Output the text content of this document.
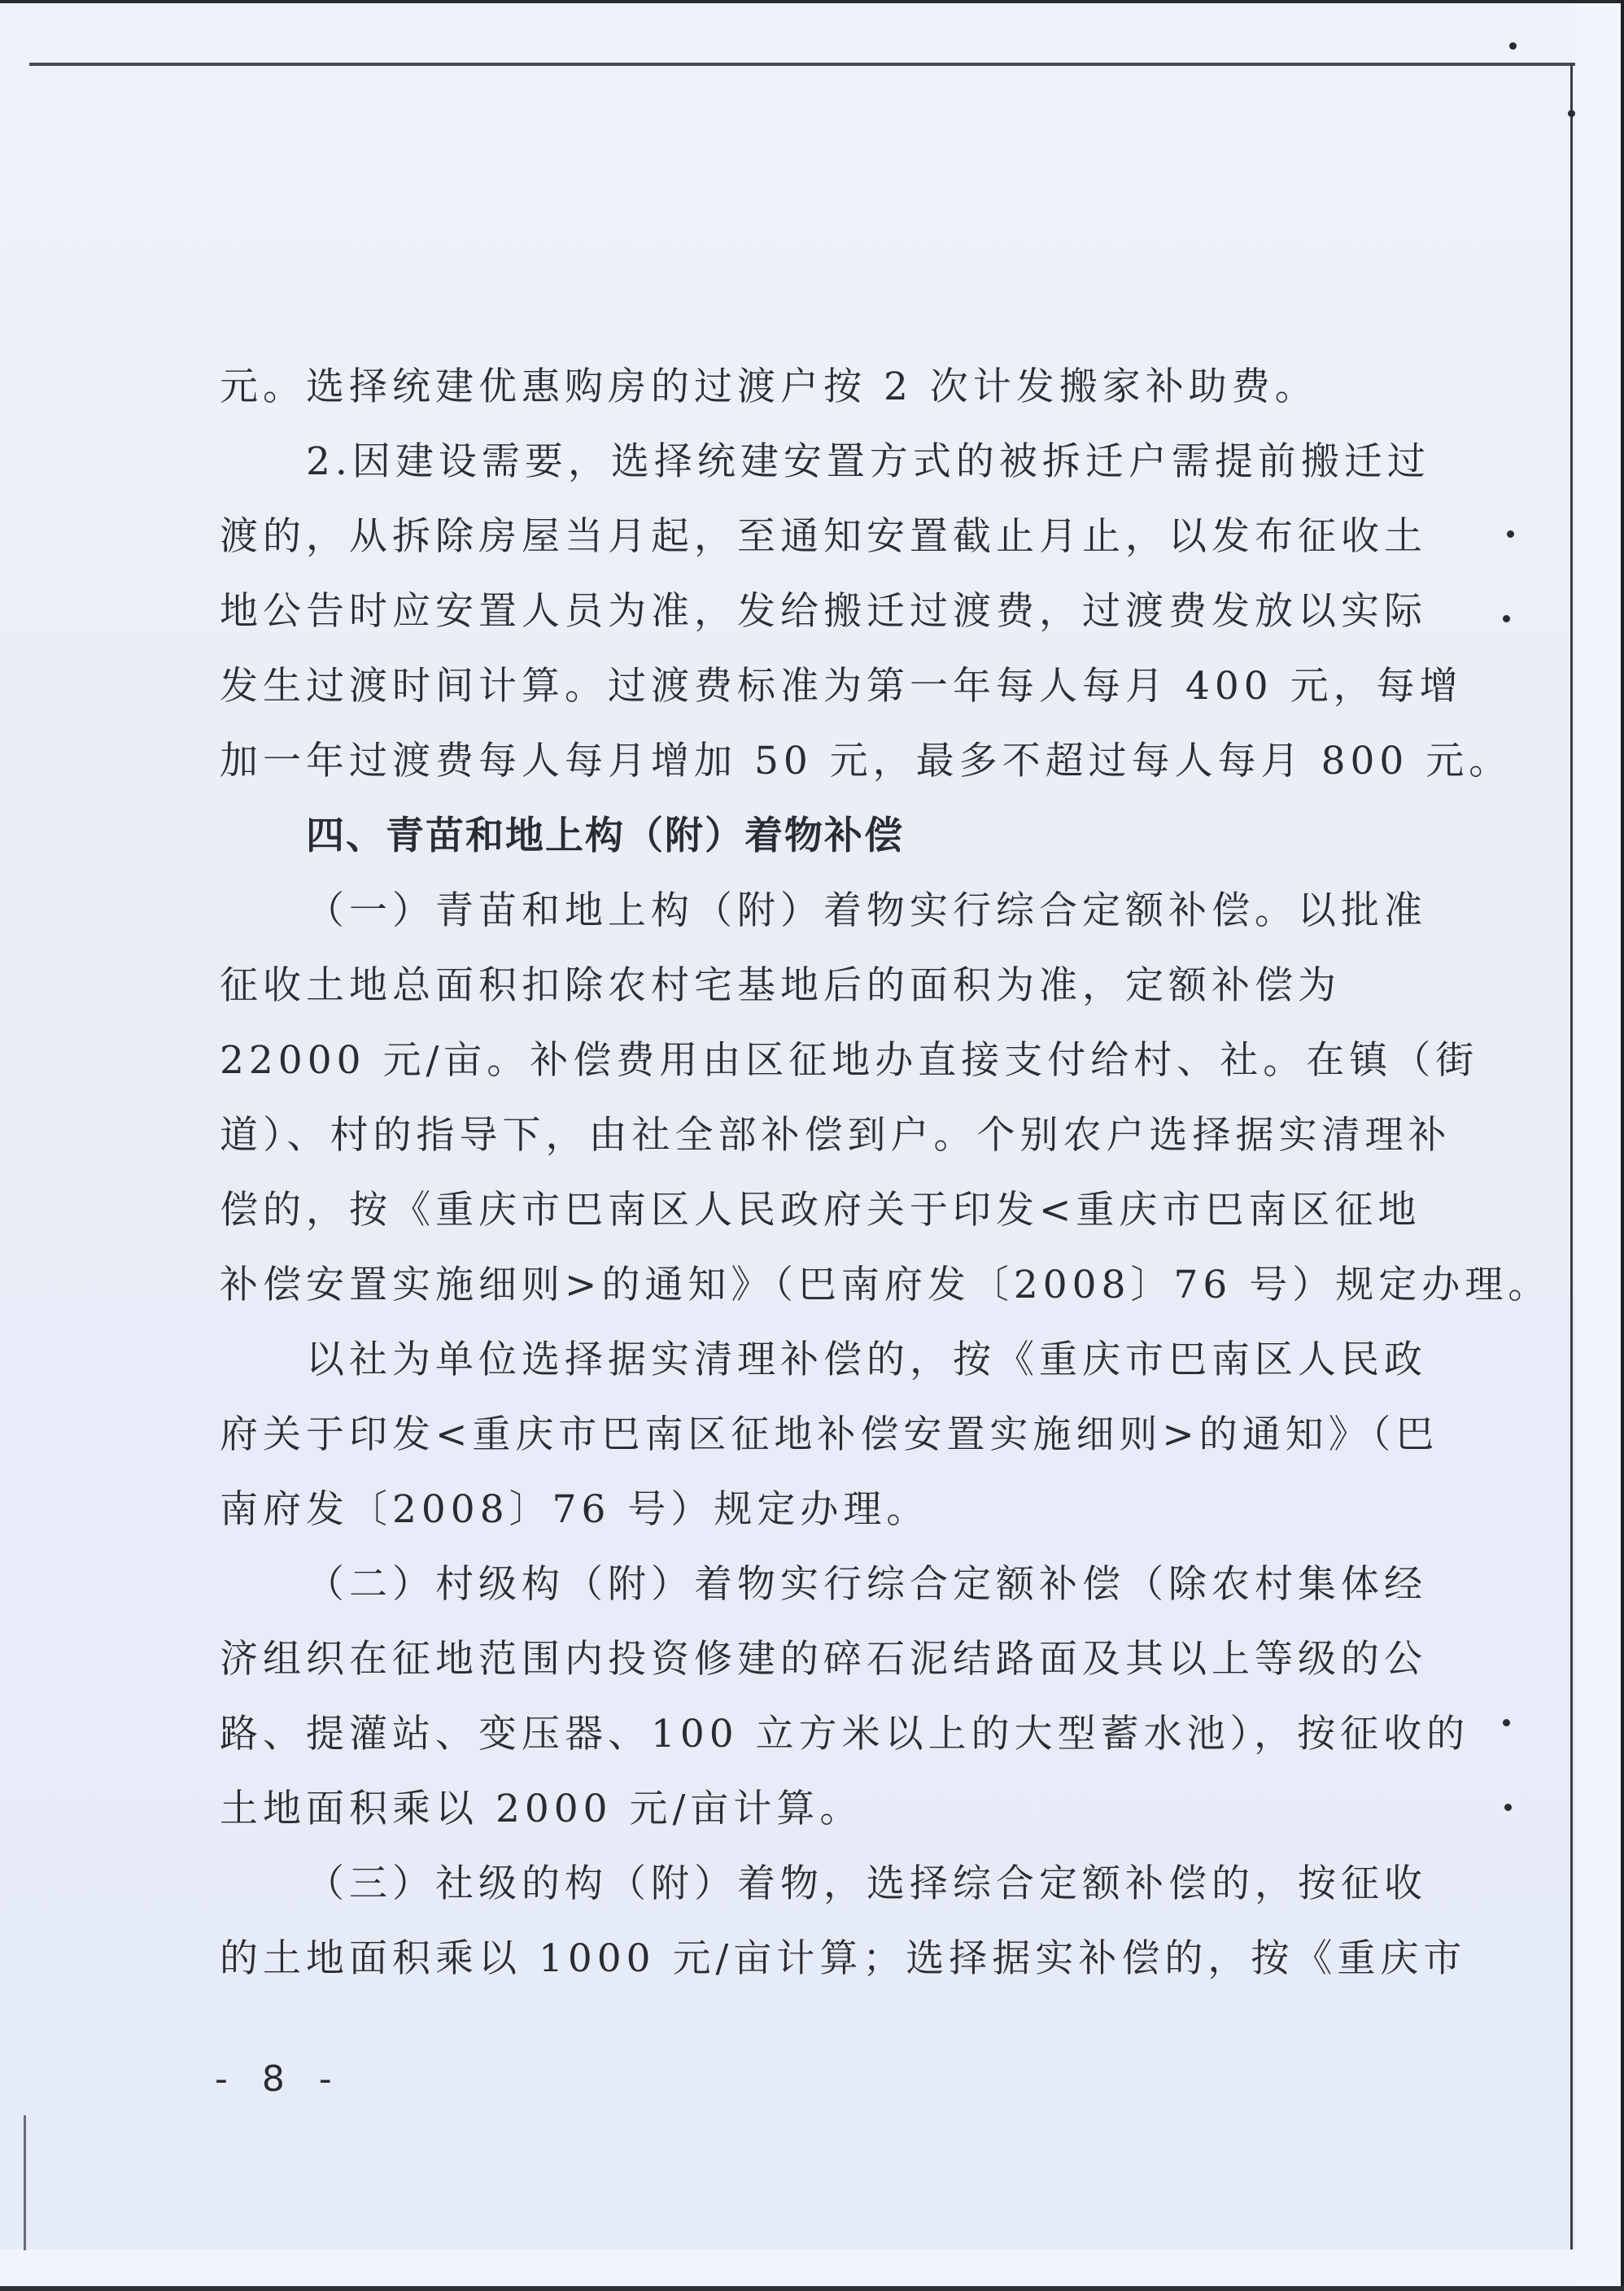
元。选择统建优惠购房的过渡户按 2 次计发搬家补助费。
2.因建设需要，选择统建安置方式的被拆迁户需提前搬迁过
渡的，从拆除房屋当月起，至通知安置截止月止，以发布征收土
地公告时应安置人员为准，发给搬迁过渡费，过渡费发放以实际
发生过渡时间计算。过渡费标准为第一年每人每月 400 元，每增
加一年过渡费每人每月增加 50 元，最多不超过每人每月 800 元。
四、青苗和地上构（附）着物补偿
（一）青苗和地上构（附）着物实行综合定额补偿。以批准
征收土地总面积扣除农村宅基地后的面积为准，定额补偿为
22000 元/亩。补偿费用由区征地办直接支付给村、社。在镇（街
道）、村的指导下，由社全部补偿到户。个别农户选择据实清理补
偿的，按《重庆市巴南区人民政府关于印发<重庆市巴南区征地
补偿安置实施细则>的通知》（巴南府发〔2008〕76 号）规定办理。
以社为单位选择据实清理补偿的，按《重庆市巴南区人民政
府关于印发<重庆市巴南区征地补偿安置实施细则>的通知》（巴
南府发〔2008〕76 号）规定办理。
（二）村级构（附）着物实行综合定额补偿（除农村集体经
济组织在征地范围内投资修建的碎石泥结路面及其以上等级的公
路、提灌站、变压器、100 立方米以上的大型蓄水池），按征收的
土地面积乘以 2000 元/亩计算。
（三）社级的构（附）着物，选择综合定额补偿的，按征收
的土地面积乘以 1000 元/亩计算；选择据实补偿的，按《重庆市
- 8 -
